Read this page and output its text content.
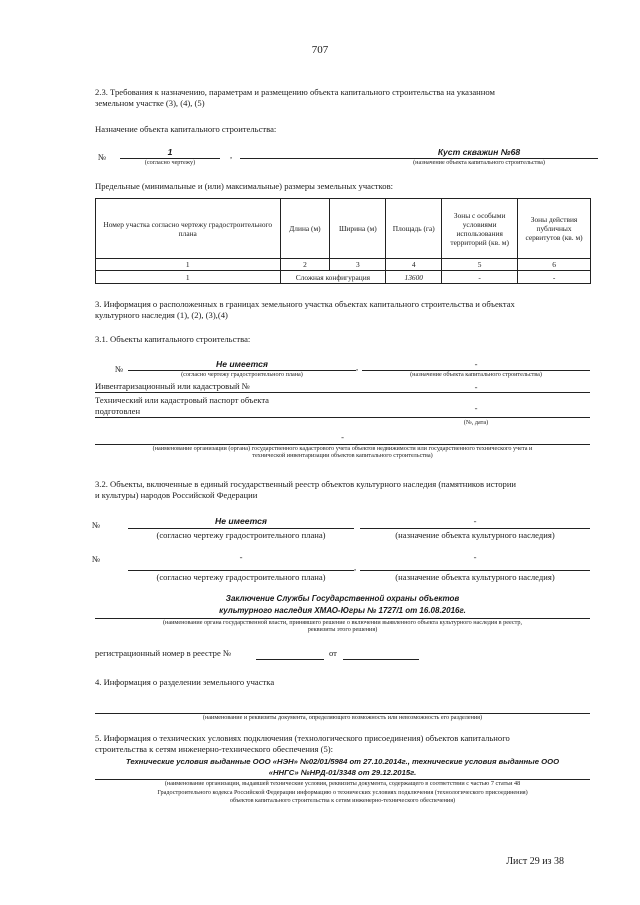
707
2.3. Требования к назначению, параметрам и размещению объекта капитального строительства на указанном
земельном участке (3), (4), (5)
Назначение объекта капитального строительства:
№	1
(согласно чертежу)
,	Куст скважин №68
(назначение объекта капитального строительства)
Предельные (минимальные и (или) максимальные) размеры земельных участков:
Номер участка согласно чертежу градостроительного плана	Длина (м)	Ширина (м)	Площадь (га)	Зоны с особыми условиями использования территорий (кв. м)	Зоны действия публичных сервитутов (кв. м)
1	2	3	4	5	6
1	Сложная конфигурация		13600	-	-
3. Информация о расположенных в границах земельного участка объектах капитального строительства и объектах
культурного наследия (1), (2), (3),(4)
3.1. Объекты капитального строительства:
№	Не имеется
(согласно чертежу градостроительного плана)
,	-
(назначение объекта капитального строительства)
Инвентаризационный или кадастровый №	-
Технический или кадастровый паспорт объекта
подготовлен	-
(№, дата)
-
(наименование организации (органа) государственного кадастрового учета объектов недвижимости или государственного технического учета и
технической инвентаризации объектов капитального строительства)
3.2. Объекты, включенные в единый государственный реестр объектов культурного наследия (памятников истории
и культуры) народов Российской Федерации
№	Не имеется	-
(согласно чертежу градостроительного плана)	(назначение объекта культурного наследия)
№	-	-
,
(согласно чертежу градостроительного плана)	(назначение объекта культурного наследия)
Заключение Службы Государственной охраны объектов
культурного наследия ХМАО-Югры № 1727/1 от 16.08.2016г.
(наименование органа государственной власти, принявшего решение о включении выявленного объекта культурного наследия в реестр,
реквизиты этого решения)
регистрационный номер в реестре №	от
4. Информация о разделении земельного участка
(наименование и реквизиты документа, определяющего возможность или невозможность его разделения)
5. Информация о технических условиях подключения (технологического присоединения) объектов капитального
строительства к сетям инженерно-технического обеспечения (5):
Технические условия выданные ООО «НЭН» №02/01/5984 от 27.10.2014г., технические условия выданные ООО
«ННГС» №НРД-01/3348 от 29.12.2015г.
(наименование организации, выдавшей технические условия, реквизиты документа, содержащего в соответствии с частью 7 статьи 48
Градостроительного кодекса Российской Федерации информацию о технических условиях подключения (технологического присоединения)
объектов капитального строительства к сетям инженерно-технического обеспечения)
Лист 29 из 38
